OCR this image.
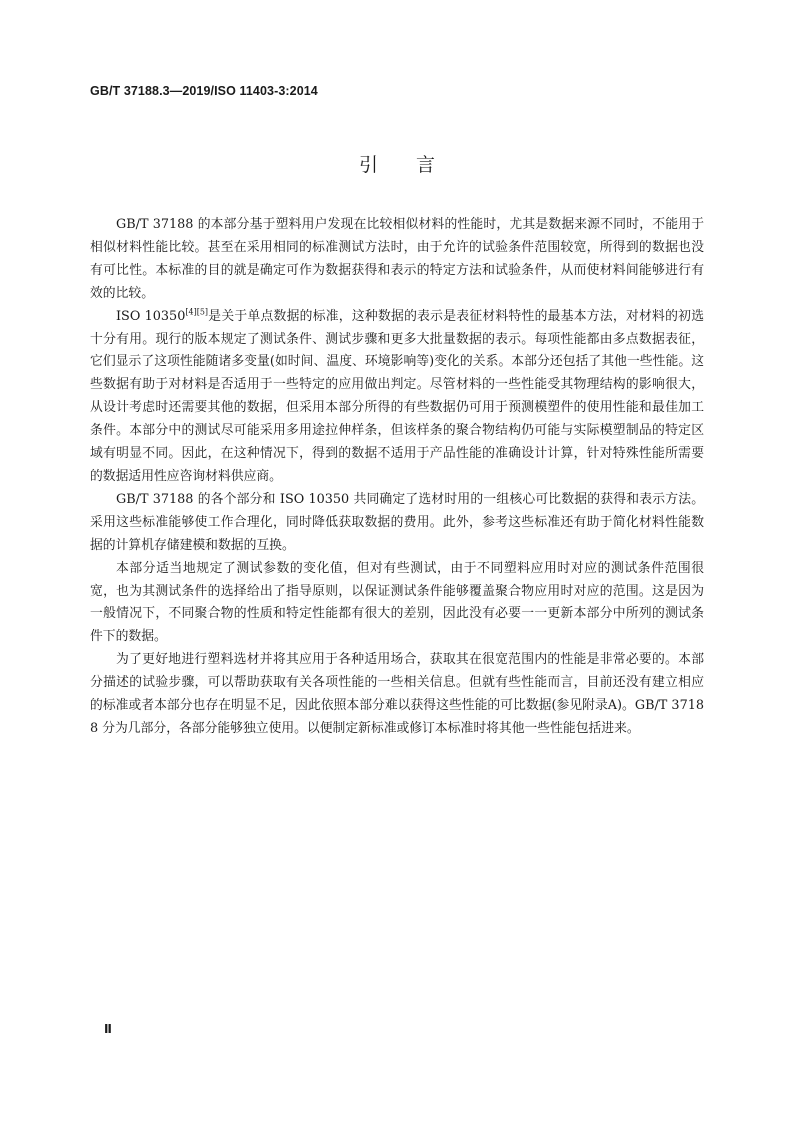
GB/T 37188.3—2019/ISO 11403-3:2014
引言

GB/T 37188 的本部分基于塑料用户发现在比较相似材料的性能时，尤其是数据来源不同时，不能用于相似材料性能比较。甚至在采用相同的标准测试方法时，由于允许的试验条件范围较宽，所得到的数据也没有可比性。本标准的目的就是确定可作为数据获得和表示的特定方法和试验条件，从而使材料间能够进行有效的比较。

ISO 10350[4][5]是关于单点数据的标准，这种数据的表示是表征材料特性的最基本方法，对材料的初选十分有用。现行的版本规定了测试条件、测试步骤和更多大批量数据的表示。每项性能都由多点数据表征，它们显示了这项性能随诸多变量(如时间、温度、环境影响等)变化的关系。本部分还包括了其他一些性能。这些数据有助于对材料是否适用于一些特定的应用做出判定。尽管材料的一些性能受其物理结构的影响很大，从设计考虑时还需要其他的数据，但采用本部分所得的有些数据仍可用于预测模塑件的使用性能和最佳加工条件。本部分中的测试尽可能采用多用途拉伸样条，但该样条的聚合物结构仍可能与实际模塑制品的特定区域有明显不同。因此，在这种情况下，得到的数据不适用于产品性能的准确设计计算，针对特殊性能所需要的数据适用性应咨询材料供应商。

GB/T 37188 的各个部分和 ISO 10350 共同确定了选材时用的一组核心可比数据的获得和表示方法。采用这些标准能够使工作合理化，同时降低获取数据的费用。此外，参考这些标准还有助于简化材料性能数据的计算机存储建模和数据的互换。

本部分适当地规定了测试参数的变化值，但对有些测试，由于不同塑料应用时对应的测试条件范围很宽，也为其测试条件的选择给出了指导原则，以保证测试条件能够覆盖聚合物应用时对应的范围。这是因为一般情况下，不同聚合物的性质和特定性能都有很大的差别，因此没有必要一一更新本部分中所列的测试条件下的数据。

为了更好地进行塑料选材并将其应用于各种适用场合，获取其在很宽范围内的性能是非常必要的。本部分描述的试验步骤，可以帮助获取有关各项性能的一些相关信息。但就有些性能而言，目前还没有建立相应的标准或者本部分也存在明显不足，因此依照本部分难以获得这些性能的可比数据(参见附录A)。GB/T 37188 分为几部分，各部分能够独立使用。以便制定新标准或修订本标准时将其他一些性能包括进来。

Ⅱ
